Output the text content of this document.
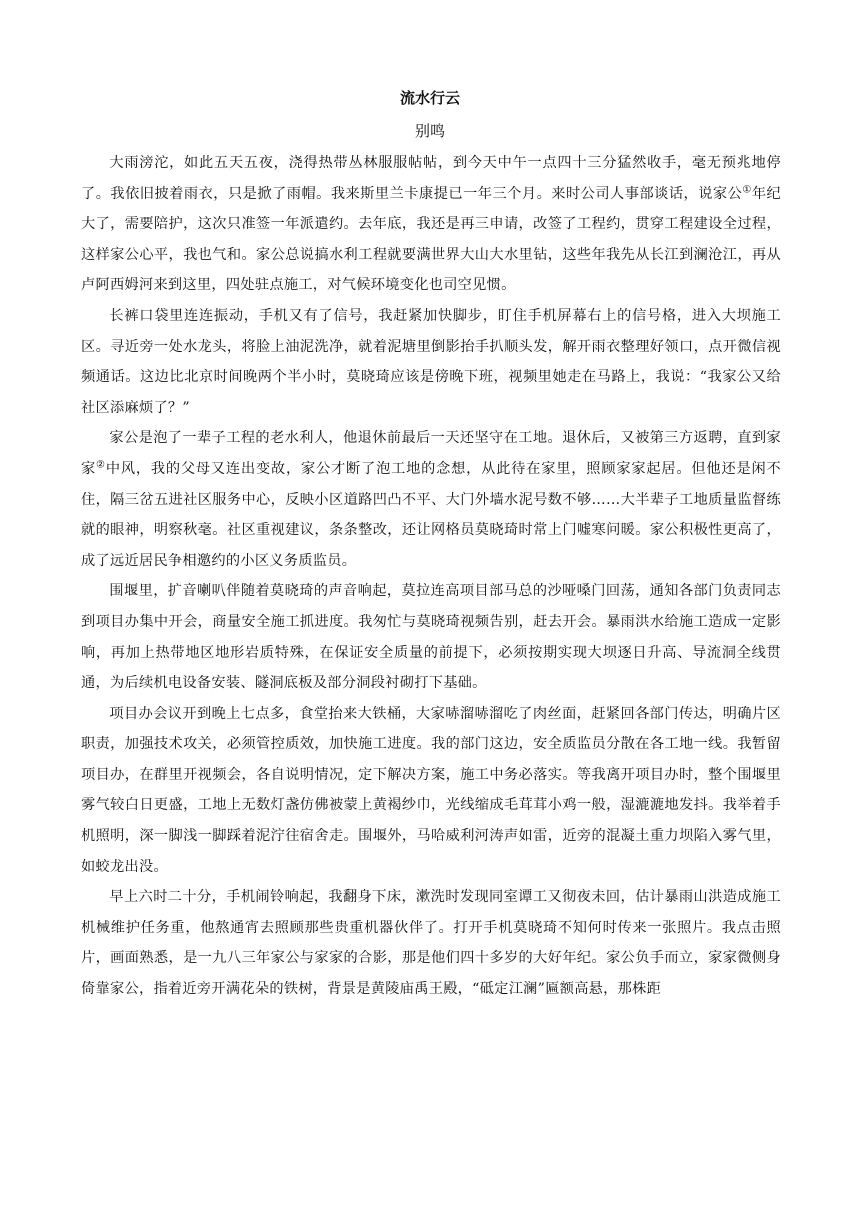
流水行云
别鸣

大雨滂沱，如此五天五夜，浇得热带丛林服服帖帖，到今天中午一点四十三分猛然收手，毫无预兆地停了。我依旧披着雨衣，只是掀了雨帽。我来斯里兰卡康提已一年三个月。来时公司人事部谈话，说家公①年纪大了，需要陪护，这次只准签一年派遣约。去年底，我还是再三申请，改签了工程约，贯穿工程建设全过程，这样家公心平，我也气和。家公总说搞水利工程就要满世界大山大水里钻，这些年我先从长江到澜沧江，再从卢阿西姆河来到这里，四处驻点施工，对气候环境变化也司空见惯。

长裤口袋里连连振动，手机又有了信号，我赶紧加快脚步，盯住手机屏幕右上的信号格，进入大坝施工区。寻近旁一处水龙头，将脸上油泥洗净，就着泥塘里倒影抬手扒顺头发，解开雨衣整理好领口，点开微信视频通话。这边比北京时间晚两个半小时，莫晓琦应该是傍晚下班，视频里她走在马路上，我说：“我家公又给社区添麻烦了？”

家公是泡了一辈子工程的老水利人，他退休前最后一天还坚守在工地。退休后，又被第三方返聘，直到家家②中风，我的父母又连出变故，家公才断了泡工地的念想，从此待在家里，照顾家家起居。但他还是闲不住，隔三岔五进社区服务中心，反映小区道路凹凸不平、大门外墙水泥号数不够……大半辈子工地质量监督练就的眼神，明察秋毫。社区重视建议，条条整改，还让网格员莫晓琦时常上门嘘寒问暖。家公积极性更高了，成了远近居民争相邀约的小区义务质监员。

围堰里，扩音喇叭伴随着莫晓琦的声音响起，莫拉连高项目部马总的沙哑嗓门回荡，通知各部门负责同志到项目办集中开会，商量安全施工抓进度。我匆忙与莫晓琦视频告别，赶去开会。暴雨洪水给施工造成一定影响，再加上热带地区地形岩质特殊，在保证安全质量的前提下，必须按期实现大坝逐日升高、导流洞全线贯通，为后续机电设备安装、隧洞底板及部分洞段衬砌打下基础。

项目办会议开到晚上七点多，食堂抬来大铁桶，大家哧溜哧溜吃了肉丝面，赶紧回各部门传达，明确片区职责，加强技术攻关，必须管控质效，加快施工进度。我的部门这边，安全质监员分散在各工地一线。我暂留项目办，在群里开视频会，各自说明情况，定下解决方案，施工中务必落实。等我离开项目办时，整个围堰里雾气较白日更盛，工地上无数灯盏仿佛被蒙上黄褐纱巾，光线缩成毛茸茸小鸡一般，湿漉漉地发抖。我举着手机照明，深一脚浅一脚踩着泥泞往宿舍走。围堰外，马哈威利河涛声如雷，近旁的混凝土重力坝陷入雾气里，如蛟龙出没。

早上六时二十分，手机闹铃响起，我翻身下床，漱洗时发现同室谭工又彻夜未回，估计暴雨山洪造成施工机械维护任务重，他熬通宵去照顾那些贵重机器伙伴了。打开手机莫晓琦不知何时传来一张照片。我点击照片，画面熟悉，是一九八三年家公与家家的合影，那是他们四十多岁的大好年纪。家公负手而立，家家微侧身倚靠家公，指着近旁开满花朵的铁树，背景是黄陵庙禹王殿，“砥定江澜”匾额高悬，那株距
